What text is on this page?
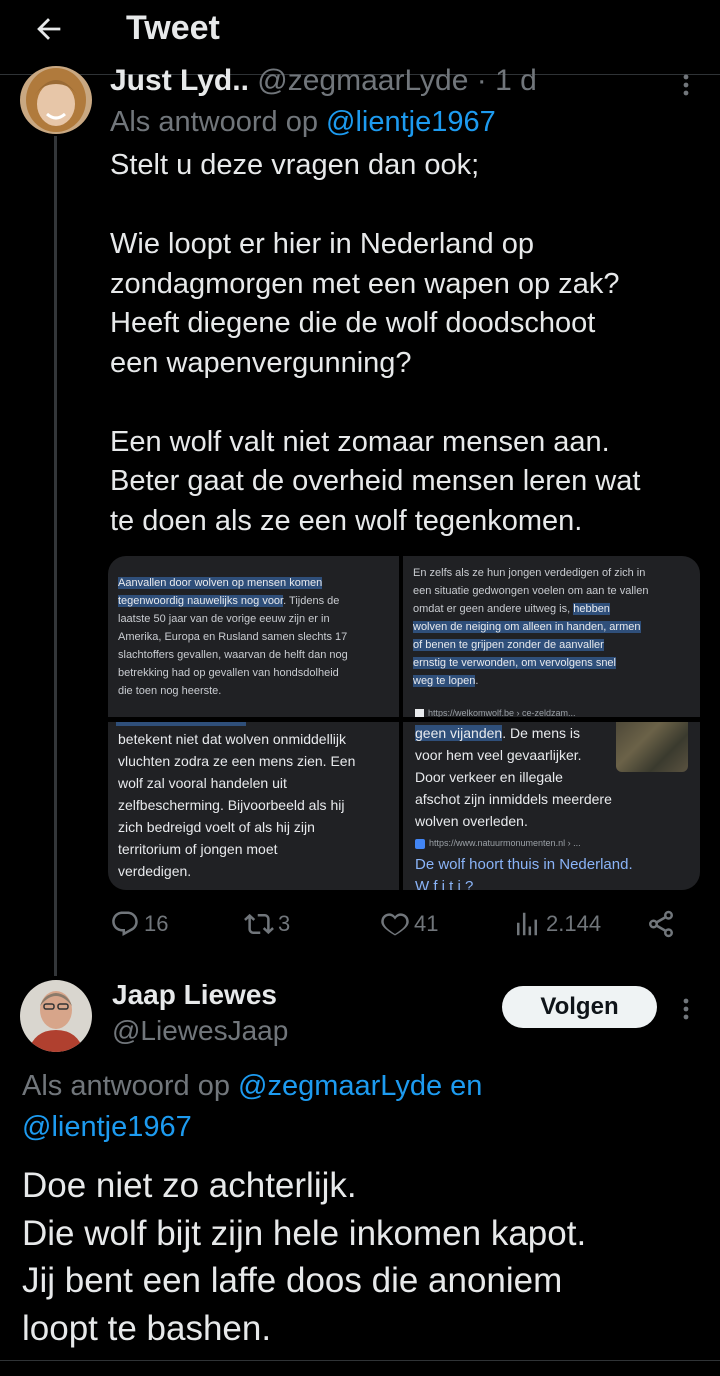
Tweet
Just Lyd.. @zegmaarLyde · 1 d
Als antwoord op @lientje1967

Stelt u deze vragen dan ook;

Wie loopt er hier in Nederland op

zondagmorgen met een wapen op zak?

Heeft diegene die de wolf doodschoot

een wapenvergunning?

Een wolf valt niet zomaar mensen aan.

Beter gaat de overheid mensen leren wat

te doen als ze een wolf tegenkomen.

Aanvallen door wolven op mensen komen
tegenwoordig nauwelijks nog voor. Tijdens de
laatste 50 jaar van de vorige eeuw zijn er in
Amerika, Europa en Rusland samen slechts 17
slachtoffers gevallen, waarvan de helft dan nog
betrekking had op gevallen van hondsdolheid
die toen nog heerste.
En zelfs als ze hun jongen verdedigen of zich in
een situatie gedwongen voelen om aan te vallen
omdat er geen andere uitweg is, hebben
wolven de neiging om alleen in handen, armen
of benen te grijpen zonder de aanvaller
ernstig te verwonden, om vervolgens snel
weg te lopen.
https://welkomwolf.be › ce-zeldzam...
betekent niet dat wolven onmiddellijk
vluchten zodra ze een mens zien. Een
wolf zal vooral handelen uit
zelfbescherming. Bijvoorbeeld als hij
zich bedreigd voelt of als hij zijn
territorium of jongen moet
verdedigen.
geen vijanden. De mens is
voor hem veel gevaarlijker.
Door verkeer en illegale
afschot zijn inmiddels meerdere
wolven overleden.
https://www.natuurmonumenten.nl › ...
De wolf hoort thuis in Nederland.
W f i t i ?
16	3	41	2.144
Jaap Liewes
@LiewesJaap
Volgen
Als antwoord op @zegmaarLyde en
@lientje1967

Doe niet zo achterlijk.

Die wolf bijt zijn hele inkomen kapot.

Jij bent een laffe doos die anoniem

loopt te bashen.
